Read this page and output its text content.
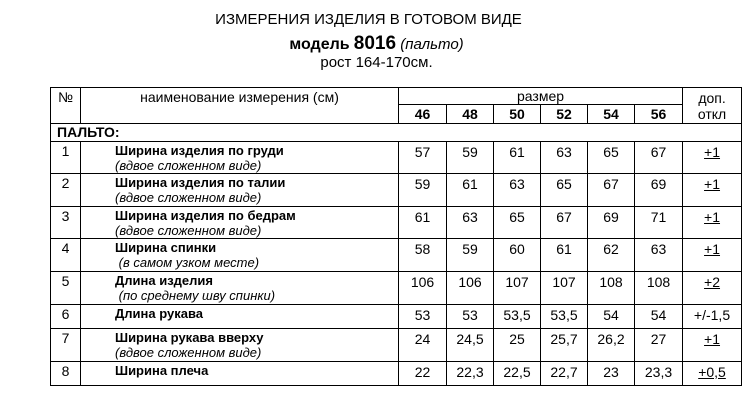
ИЗМЕРЕНИЯ ИЗДЕЛИЯ В ГОТОВОМ ВИДЕ
модель 8016 (пальто)
рост 164-170см.
№	наименование измерения (см)	размер						доп.
откл
		46	48	50	52	54	56	
ПАЛЬТО:								
1	Ширина изделия по груди
(вдвое сложенном виде)	57	59	61	63	65	67	+1
2	Ширина изделия по талии
(вдвое сложенном виде)	59	61	63	65	67	69	+1
3	Ширина изделия по бедрам
(вдвое сложенном виде)	61	63	65	67	69	71	+1
4	Ширина спинки
(в самом узком месте)	58	59	60	61	62	63	+1
5	Длина изделия
(по среднему шву спинки)	106	106	107	107	108	108	+2
6	Длина рукава	53	53	53,5	53,5	54	54	+/-1,5
7	Ширина рукава вверху
(вдвое сложенном виде)	24	24,5	25	25,7	26,2	27	+1
8	Ширина плеча	22	22,3	22,5	22,7	23	23,3	+0,5
